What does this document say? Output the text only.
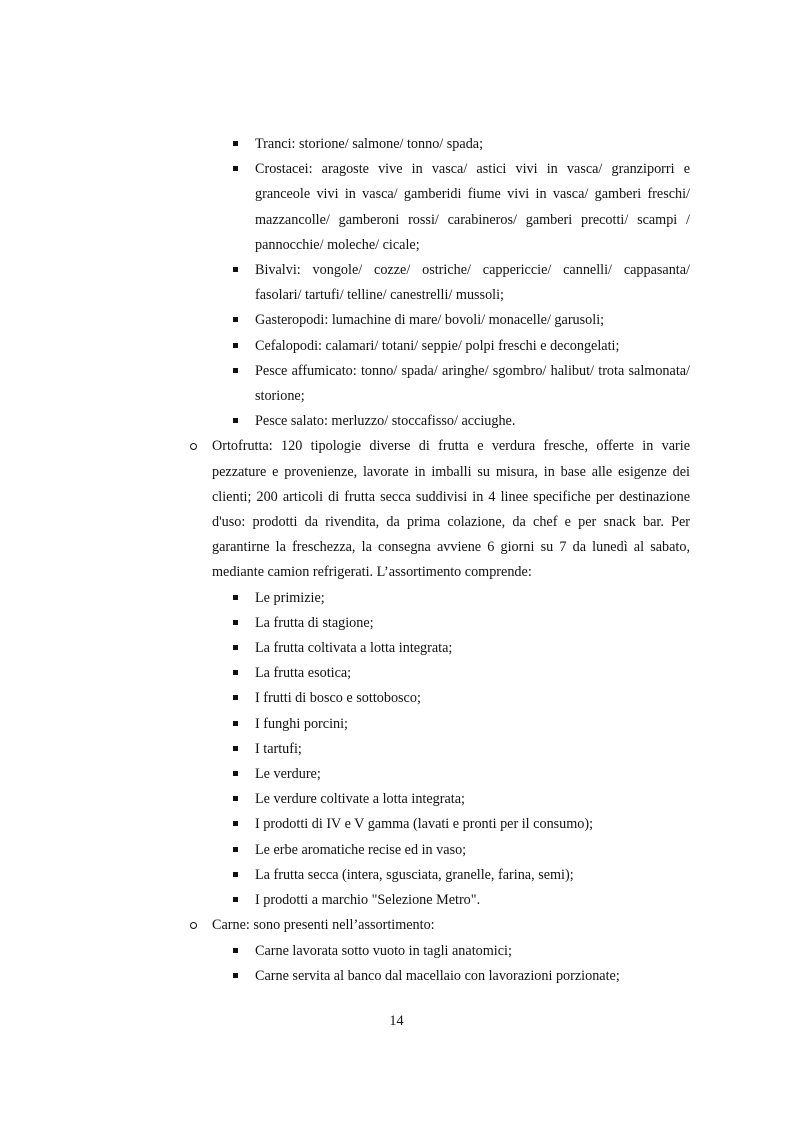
Tranci: storione/ salmone/ tonno/ spada;
Crostacei: aragoste vive in vasca/ astici vivi in vasca/ granziporri e granceole vivi in vasca/ gamberidi fiume vivi in vasca/ gamberi freschi/ mazzancolle/ gamberoni rossi/ carabineros/ gamberi precotti/ scampi / pannocchie/ moleche/ cicale;
Bivalvi: vongole/ cozze/ ostriche/ cappericcie/ cannelli/ cappasanta/ fasolari/ tartufi/ telline/ canestrelli/ mussoli;
Gasteropodi: lumachine di mare/ bovoli/ monacelle/ garusoli;
Cefalopodi: calamari/ totani/ seppie/ polpi freschi e decongelati;
Pesce affumicato: tonno/ spada/ aringhe/ sgombro/ halibut/ trota salmonata/ storione;
Pesce salato: merluzzo/ stoccafisso/ acciughe.
Ortofrutta: 120 tipologie diverse di frutta e verdura fresche, offerte in varie pezzature e provenienze, lavorate in imballi su misura, in base alle esigenze dei clienti; 200 articoli di frutta secca suddivisi in 4 linee specifiche per destinazione d'uso: prodotti da rivendita, da prima colazione, da chef e per snack bar. Per garantirne la freschezza, la consegna avviene 6 giorni su 7 da lunedì al sabato, mediante camion refrigerati. L’assortimento comprende:
Le primizie;
La frutta di stagione;
La frutta coltivata a lotta integrata;
La frutta esotica;
I frutti di bosco e sottobosco;
I funghi porcini;
I tartufi;
Le verdure;
Le verdure coltivate a lotta integrata;
I prodotti di IV e V gamma (lavati e pronti per il consumo);
Le erbe aromatiche recise ed in vaso;
La frutta secca (intera, sgusciata, granelle, farina, semi);
I prodotti a marchio "Selezione Metro".
Carne: sono presenti nell’assortimento:
Carne lavorata sotto vuoto in tagli anatomici;
Carne servita al banco dal macellaio con lavorazioni porzionate;
14
